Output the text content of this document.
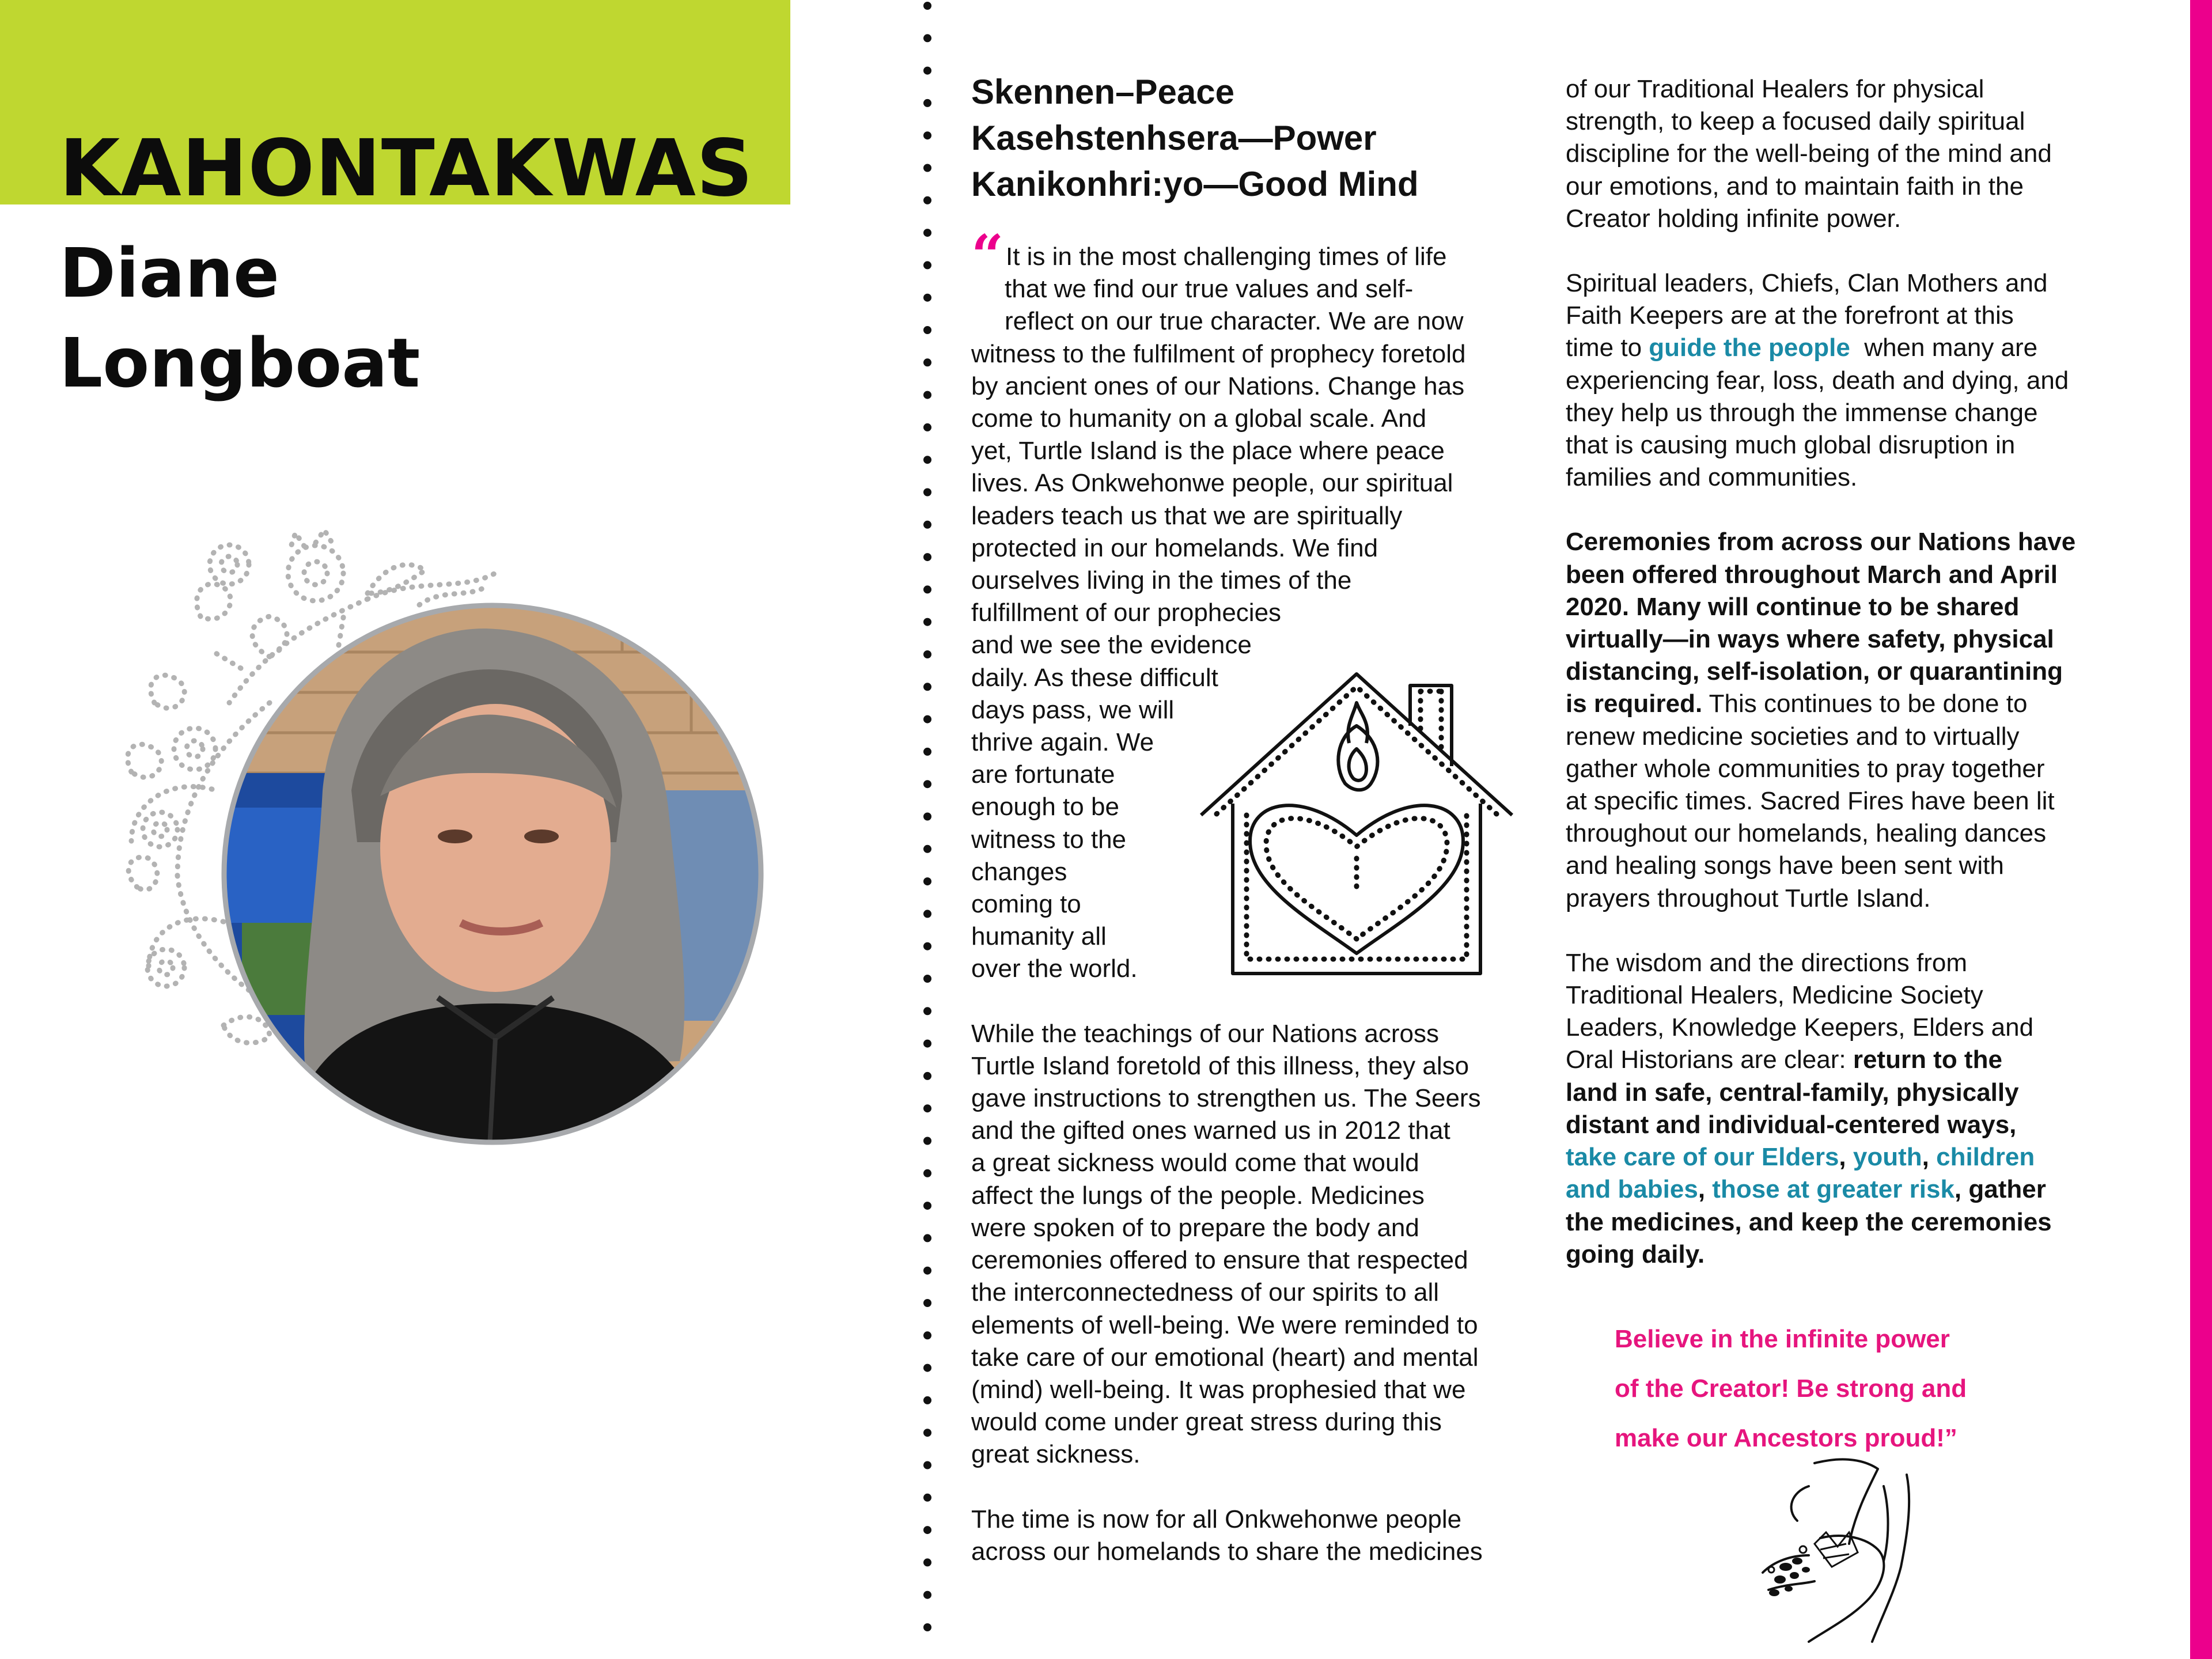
KAHONTAKWAS
Diane
Longboat
Skennen–Peace
Kasehstenhsera—Power
Kanikonhri:yo—Good Mind

“ It is in the most challenging times of life
that we find our true values and self-
reflect on our true character. We are now
witness to the fulfilment of prophecy foretold
by ancient ones of our Nations. Change has
come to humanity on a global scale. And
yet, Turtle Island is the place where peace
lives. As Onkwehonwe people, our spiritual
leaders teach us that we are spiritually
protected in our homelands. We find
ourselves living in the times of the
fulfillment of our prophecies
and we see the evidence
daily. As these difficult
days pass, we will
thrive again. We
are fortunate
enough to be
witness to the
changes
coming to
humanity all
over the world.

While the teachings of our Nations across
Turtle Island foretold of this illness, they also
gave instructions to strengthen us. The Seers
and the gifted ones warned us in 2012 that
a great sickness would come that would
affect the lungs of the people. Medicines
were spoken of to prepare the body and
ceremonies offered to ensure that respected
the interconnectedness of our spirits to all
elements of well-being. We were reminded to
take care of our emotional (heart) and mental
(mind) well-being. It was prophesied that we
would come under great stress during this
great sickness.

The time is now for all Onkwehonwe people
across our homelands to share the medicines

of our Traditional Healers for physical
strength, to keep a focused daily spiritual
discipline for the well-being of the mind and
our emotions, and to maintain faith in the
Creator holding infinite power.

Spiritual leaders, Chiefs, Clan Mothers and
Faith Keepers are at the forefront at this
time to guide the people  when many are
experiencing fear, loss, death and dying, and
they help us through the immense change
that is causing much global disruption in
families and communities.

Ceremonies from across our Nations have
been offered throughout March and April
2020. Many will continue to be shared
virtually—in ways where safety, physical
distancing, self-isolation, or quarantining
is required. This continues to be done to
renew medicine societies and to virtually
gather whole communities to pray together
at specific times. Sacred Fires have been lit
throughout our homelands, healing dances
and healing songs have been sent with
prayers throughout Turtle Island.

The wisdom and the directions from
Traditional Healers, Medicine Society
Leaders, Knowledge Keepers, Elders and
Oral Historians are clear: return to the
land in safe, central-family, physically
distant and individual-centered ways,
take care of our Elders, youth, children
and babies, those at greater risk, gather
the medicines, and keep the ceremonies
going daily.

Believe in the infinite power
of the Creator! Be strong and
make our Ancestors proud!”
